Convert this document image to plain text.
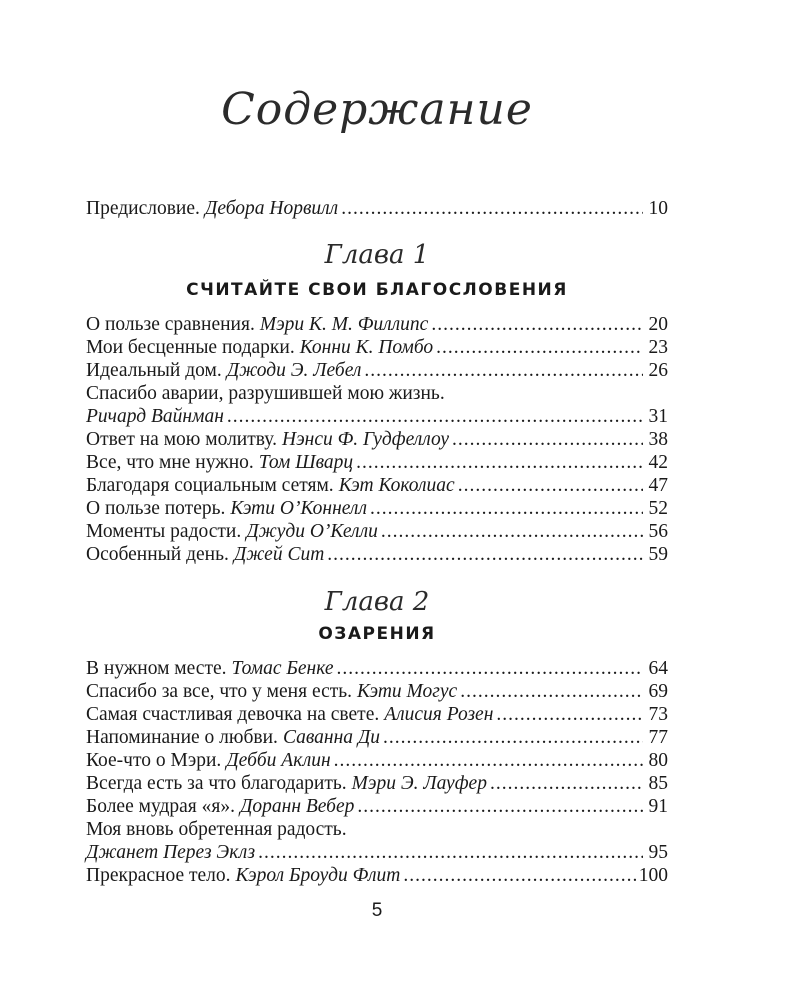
Содержание
Предисловие. Дебора Норвилл .....	10
Глава 1
СЧИТАЙТЕ СВОИ БЛАГОСЛОВЕНИЯ
О пользе сравнения. Мэри К. М. Филлипс .....	20
Мои бесценные подарки. Конни К. Помбо .....	23
Идеальный дом. Джоди Э. Лебел .....	26
Спасибо аварии, разрушившей мою жизнь.
Ричард Вайнман .....	31
Ответ на мою молитву. Нэнси Ф. Гудфеллоу .....	38
Все, что мне нужно. Том Шварц .....	42
Благодаря социальным сетям. Кэт Коколиас .....	47
О пользе потерь. Кэти О’Коннелл .....	52
Моменты радости. Джуди О’Келли .....	56
Особенный день. Джей Сит .....	59
Глава 2
ОЗАРЕНИЯ
В нужном месте. Томас Бенке .....	64
Спасибо за все, что у меня есть. Кэти Могус .....	69
Самая счастливая девочка на свете. Алисия Розен .....	73
Напоминание о любви. Саванна Ди .....	77
Кое-что о Мэри. Дебби Аклин .....	80
Всегда есть за что благодарить. Мэри Э. Лауфер .....	85
Более мудрая «я». Доранн Вебер .....	91
Моя вновь обретенная радость.
Джанет Перез Эклз .....	95
Прекрасное тело. Кэрол Броуди Флит .....	100
5
